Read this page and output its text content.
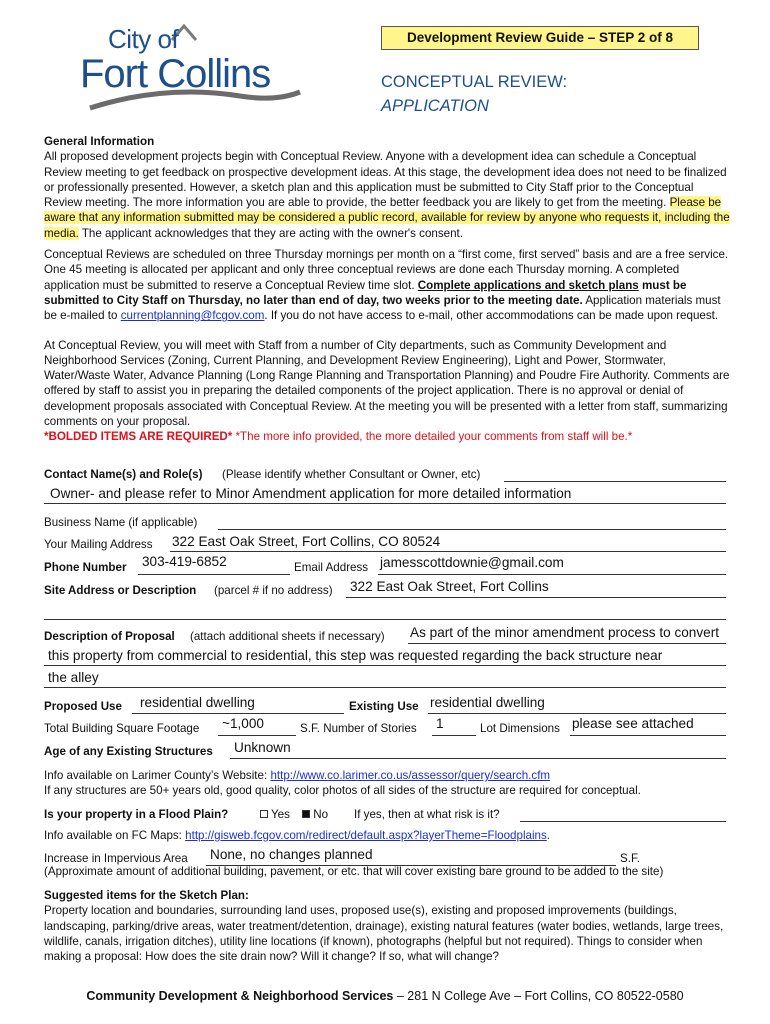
City of
Fort Collins
Development Review Guide – STEP 2 of 8
CONCEPTUAL REVIEW:
APPLICATION
General Information
All proposed development projects begin with Conceptual Review. Anyone with a development idea can schedule a Conceptual Review meeting to get feedback on prospective development ideas. At this stage, the development idea does not need to be finalized or professionally presented. However, a sketch plan and this application must be submitted to City Staff prior to the Conceptual Review meeting. The more information you are able to provide, the better feedback you are likely to get from the meeting. Please be aware that any information submitted may be considered a public record, available for review by anyone who requests it, including the media. The applicant acknowledges that they are acting with the owner's consent.
Conceptual Reviews are scheduled on three Thursday mornings per month on a “first come, first served” basis and are a free service. One 45 meeting is allocated per applicant and only three conceptual reviews are done each Thursday morning. A completed application must be submitted to reserve a Conceptual Review time slot. Complete applications and sketch plans must be submitted to City Staff on Thursday, no later than end of day, two weeks prior to the meeting date. Application materials must be e-mailed to currentplanning@fcgov.com. If you do not have access to e-mail, other accommodations can be made upon request.
At Conceptual Review, you will meet with Staff from a number of City departments, such as Community Development and Neighborhood Services (Zoning, Current Planning, and Development Review Engineering), Light and Power, Stormwater, Water/Waste Water, Advance Planning (Long Range Planning and Transportation Planning) and Poudre Fire Authority. Comments are offered by staff to assist you in preparing the detailed components of the project application. There is no approval or denial of development proposals associated with Conceptual Review. At the meeting you will be presented with a letter from staff, summarizing comments on your proposal.
*BOLDED ITEMS ARE REQUIRED* *The more info provided, the more detailed your comments from staff will be.*
Contact Name(s) and Role(s) (Please identify whether Consultant or Owner, etc)
Owner- and please refer to Minor Amendment application for more detailed information
Business Name (if applicable)
Your Mailing Address 322 East Oak Street, Fort Collins, CO 80524
Phone Number 303-419-6852	Email Address jamesscottdownie@gmail.com
Site Address or Description (parcel # if no address) 322 East Oak Street, Fort Collins
Description of Proposal (attach additional sheets if necessary) As part of the minor amendment process to convert
this property from commercial to residential, this step was requested regarding the back structure near
the alley
Proposed Use residential dwelling	Existing Use residential dwelling
Total Building Square Footage ~1,000	S.F. Number of Stories 1	Lot Dimensions please see attached
Age of any Existing Structures Unknown
Info available on Larimer County’s Website: http://www.co.larimer.co.us/assessor/query/search.cfm
If any structures are 50+ years old, good quality, color photos of all sides of the structure are required for conceptual.
Is your property in a Flood Plain?	Yes	No If yes, then at what risk is it?
Info available on FC Maps: http://gisweb.fcgov.com/redirect/default.aspx?layerTheme=Floodplains.
Increase in Impervious Area None, no changes planned	S.F.
(Approximate amount of additional building, pavement, or etc. that will cover existing bare ground to be added to the site)
Suggested items for the Sketch Plan:
Property location and boundaries, surrounding land uses, proposed use(s), existing and proposed improvements (buildings, landscaping, parking/drive areas, water treatment/detention, drainage), existing natural features (water bodies, wetlands, large trees, wildlife, canals, irrigation ditches), utility line locations (if known), photographs (helpful but not required). Things to consider when making a proposal: How does the site drain now? Will it change? If so, what will change?
Community Development & Neighborhood Services – 281 N College Ave – Fort Collins, CO 80522-0580
